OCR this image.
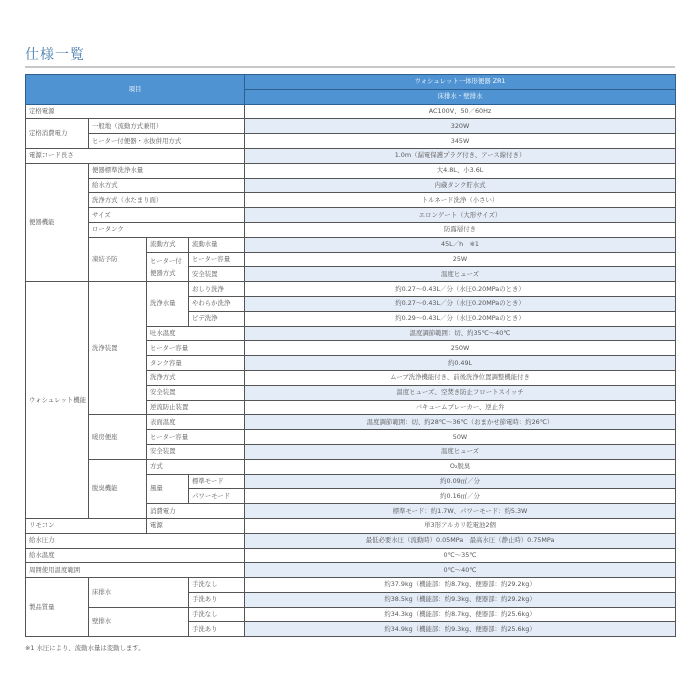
仕様一覧
項目				ウォシュレット一体形便器 ZR1
				床排水・壁排水
定格電源				AC100V、50／60Hz
定格消費電力	一般地（流動方式兼用）			320W
	ヒーター付便器・水抜併用方式			345W
電源コード長さ				1.0m（漏電保護プラグ付き、アース線付き）
便器機能	便器標準洗浄水量			大4.8L、小3.6L
	給水方式			内蔵タンク貯水式
	洗浄方式（水たまり面）			トルネード洗浄（小さい）
	サイズ			エロンゲート（大形サイズ）
	ロータンク			防露層付き
	凍結予防	流動方式	流動水量	45L／h　※1
		ヒーター付便器方式	ヒーター容量	25W
			安全装置	温度ヒューズ
ウォシュレット機能	洗浄装置	洗浄水量	おしり洗浄	約0.27～0.43L／分（水圧0.20MPaのとき）
			やわらか洗浄	約0.27～0.43L／分（水圧0.20MPaのとき）
			ビデ洗浄	約0.29～0.43L／分（水圧0.20MPaのとき）
		吐水温度		温度調節範囲：切、約35℃～40℃
		ヒーター容量		250W
		タンク容量		約0.49L
		洗浄方式		ムーブ洗浄機能付き、前後洗浄位置調整機能付き
		安全装置		温度ヒューズ、空焚き防止フロートスイッチ
		逆流防止装置		バキュームブレーカー、逆止弁
	暖房便座	表面温度		温度調節範囲：切、約28℃～36℃（おまかせ節電時：約26℃）
		ヒーター容量		50W
		安全装置		温度ヒューズ
	脱臭機能	方式		O₂脱臭
		風量	標準モード	約0.09㎥／分
			パワーモード	約0.16㎥／分
		消費電力		標準モード：約1.7W、パワーモード：約5.3W
リモコン		電源		単3形アルカリ乾電池2個
給水圧力				最低必要水圧（流動時）0.05MPa　最高水圧（静止時）0.75MPa
給水温度				0℃～35℃
周囲使用温度範囲				0℃～40℃
製品質量	床排水		手洗なし	約37.9kg（機能部：約8.7kg、便器部：約29.2kg）
			手洗あり	約38.5kg（機能部：約9.3kg、便器部：約29.2kg）
	壁排水		手洗なし	約34.3kg（機能部：約8.7kg、便器部：約25.6kg）
			手洗あり	約34.9kg（機能部：約9.3kg、便器部：約25.6kg）
※1 水圧により、流動水量は変動します。
